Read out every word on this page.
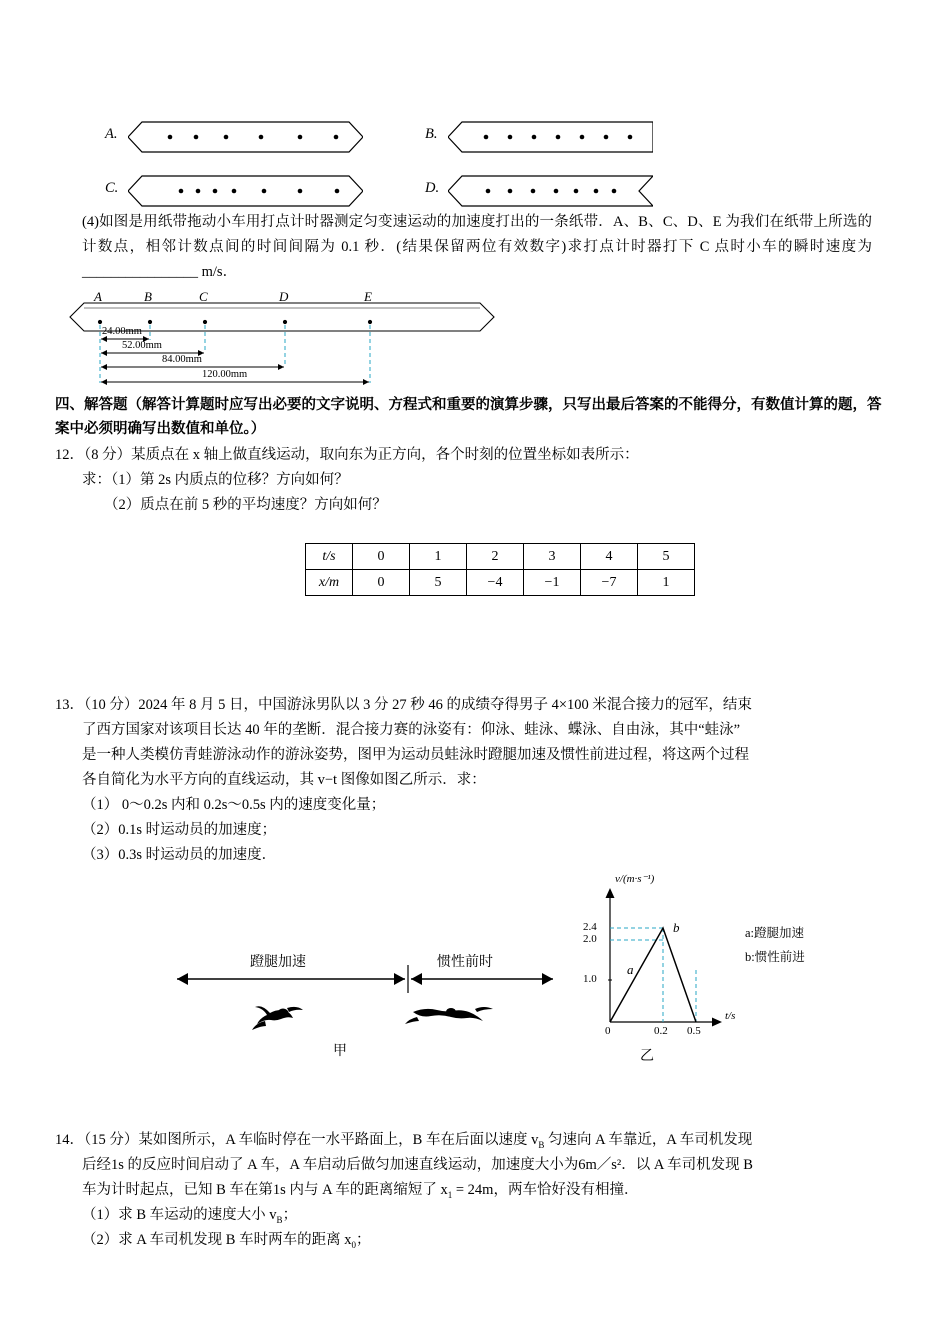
A.	B.
C.	D.
(4)如图是用纸带拖动小车用打点计时器测定匀变速运动的加速度打出的一条纸带．A、B、C、D、E 为我们在纸带上所选的计数点，相邻计数点间的时间间隔为 0.1 秒．(结果保留两位有效数字)求打点计时器打下 C 点时小车的瞬时速度为________________ m/s．
A	B	C	D	E
24.00mm
52.00mm
84.00mm
120.00mm
四、解答题（解答计算题时应写出必要的文字说明、方程式和重要的演算步骤，只写出最后答案的不能得分，有数值计算的题，答案中必须明确写出数值和单位。）
12．（8 分）某质点在 x 轴上做直线运动，取向东为正方向，各个时刻的位置坐标如表所示：
求：（1）第 2s 内质点的位移？方向如何？
（2）质点在前 5 秒的平均速度？方向如何？
t/s	0	1	2	3	4	5
x/m	0	5	−4	−1	−7	1
13．（10 分）2024 年 8 月 5 日，中国游泳男队以 3 分 27 秒 46 的成绩夺得男子 4×100 米混合接力的冠军，结束
了西方国家对该项目长达 40 年的垄断．混合接力赛的泳姿有：仰泳、蛙泳、蝶泳、自由泳，其中“蛙泳”
是一种人类模仿青蛙游泳动作的游泳姿势，图甲为运动员蛙泳时蹬腿加速及惯性前进过程，将这两个过程
各自简化为水平方向的直线运动，其 v−t 图像如图乙所示．求：
（1） 0～0.2s 内和 0.2s～0.5s 内的速度变化量；
（2）0.1s 时运动员的加速度；
（3）0.3s 时运动员的加速度．
蹬腿加速	惯性前时
甲
2.4
2.0
1.0
0	0.2 0.5
v/(m·s⁻¹)
t/s
a
b	a:蹬腿加速
b:惯性前进
乙
14．（15 分）某如图所示，A 车临时停在一水平路面上，B 车在后面以速度 $v_B$ 匀速向 A 车靠近，A 车司机发现
后经1s 的反应时间启动了 A 车，A 车启动后做匀加速直线运动，加速度大小为6m／s²．以 A 车司机发现 B
车为计时起点，已知 B 车在第1s 内与 A 车的距离缩短了 $x_1 = 24m$，两车恰好没有相撞．
（1）求 B 车运动的速度大小 $v_B$；
（2）求 A 车司机发现 B 车时两车的距离 $x_0$；
